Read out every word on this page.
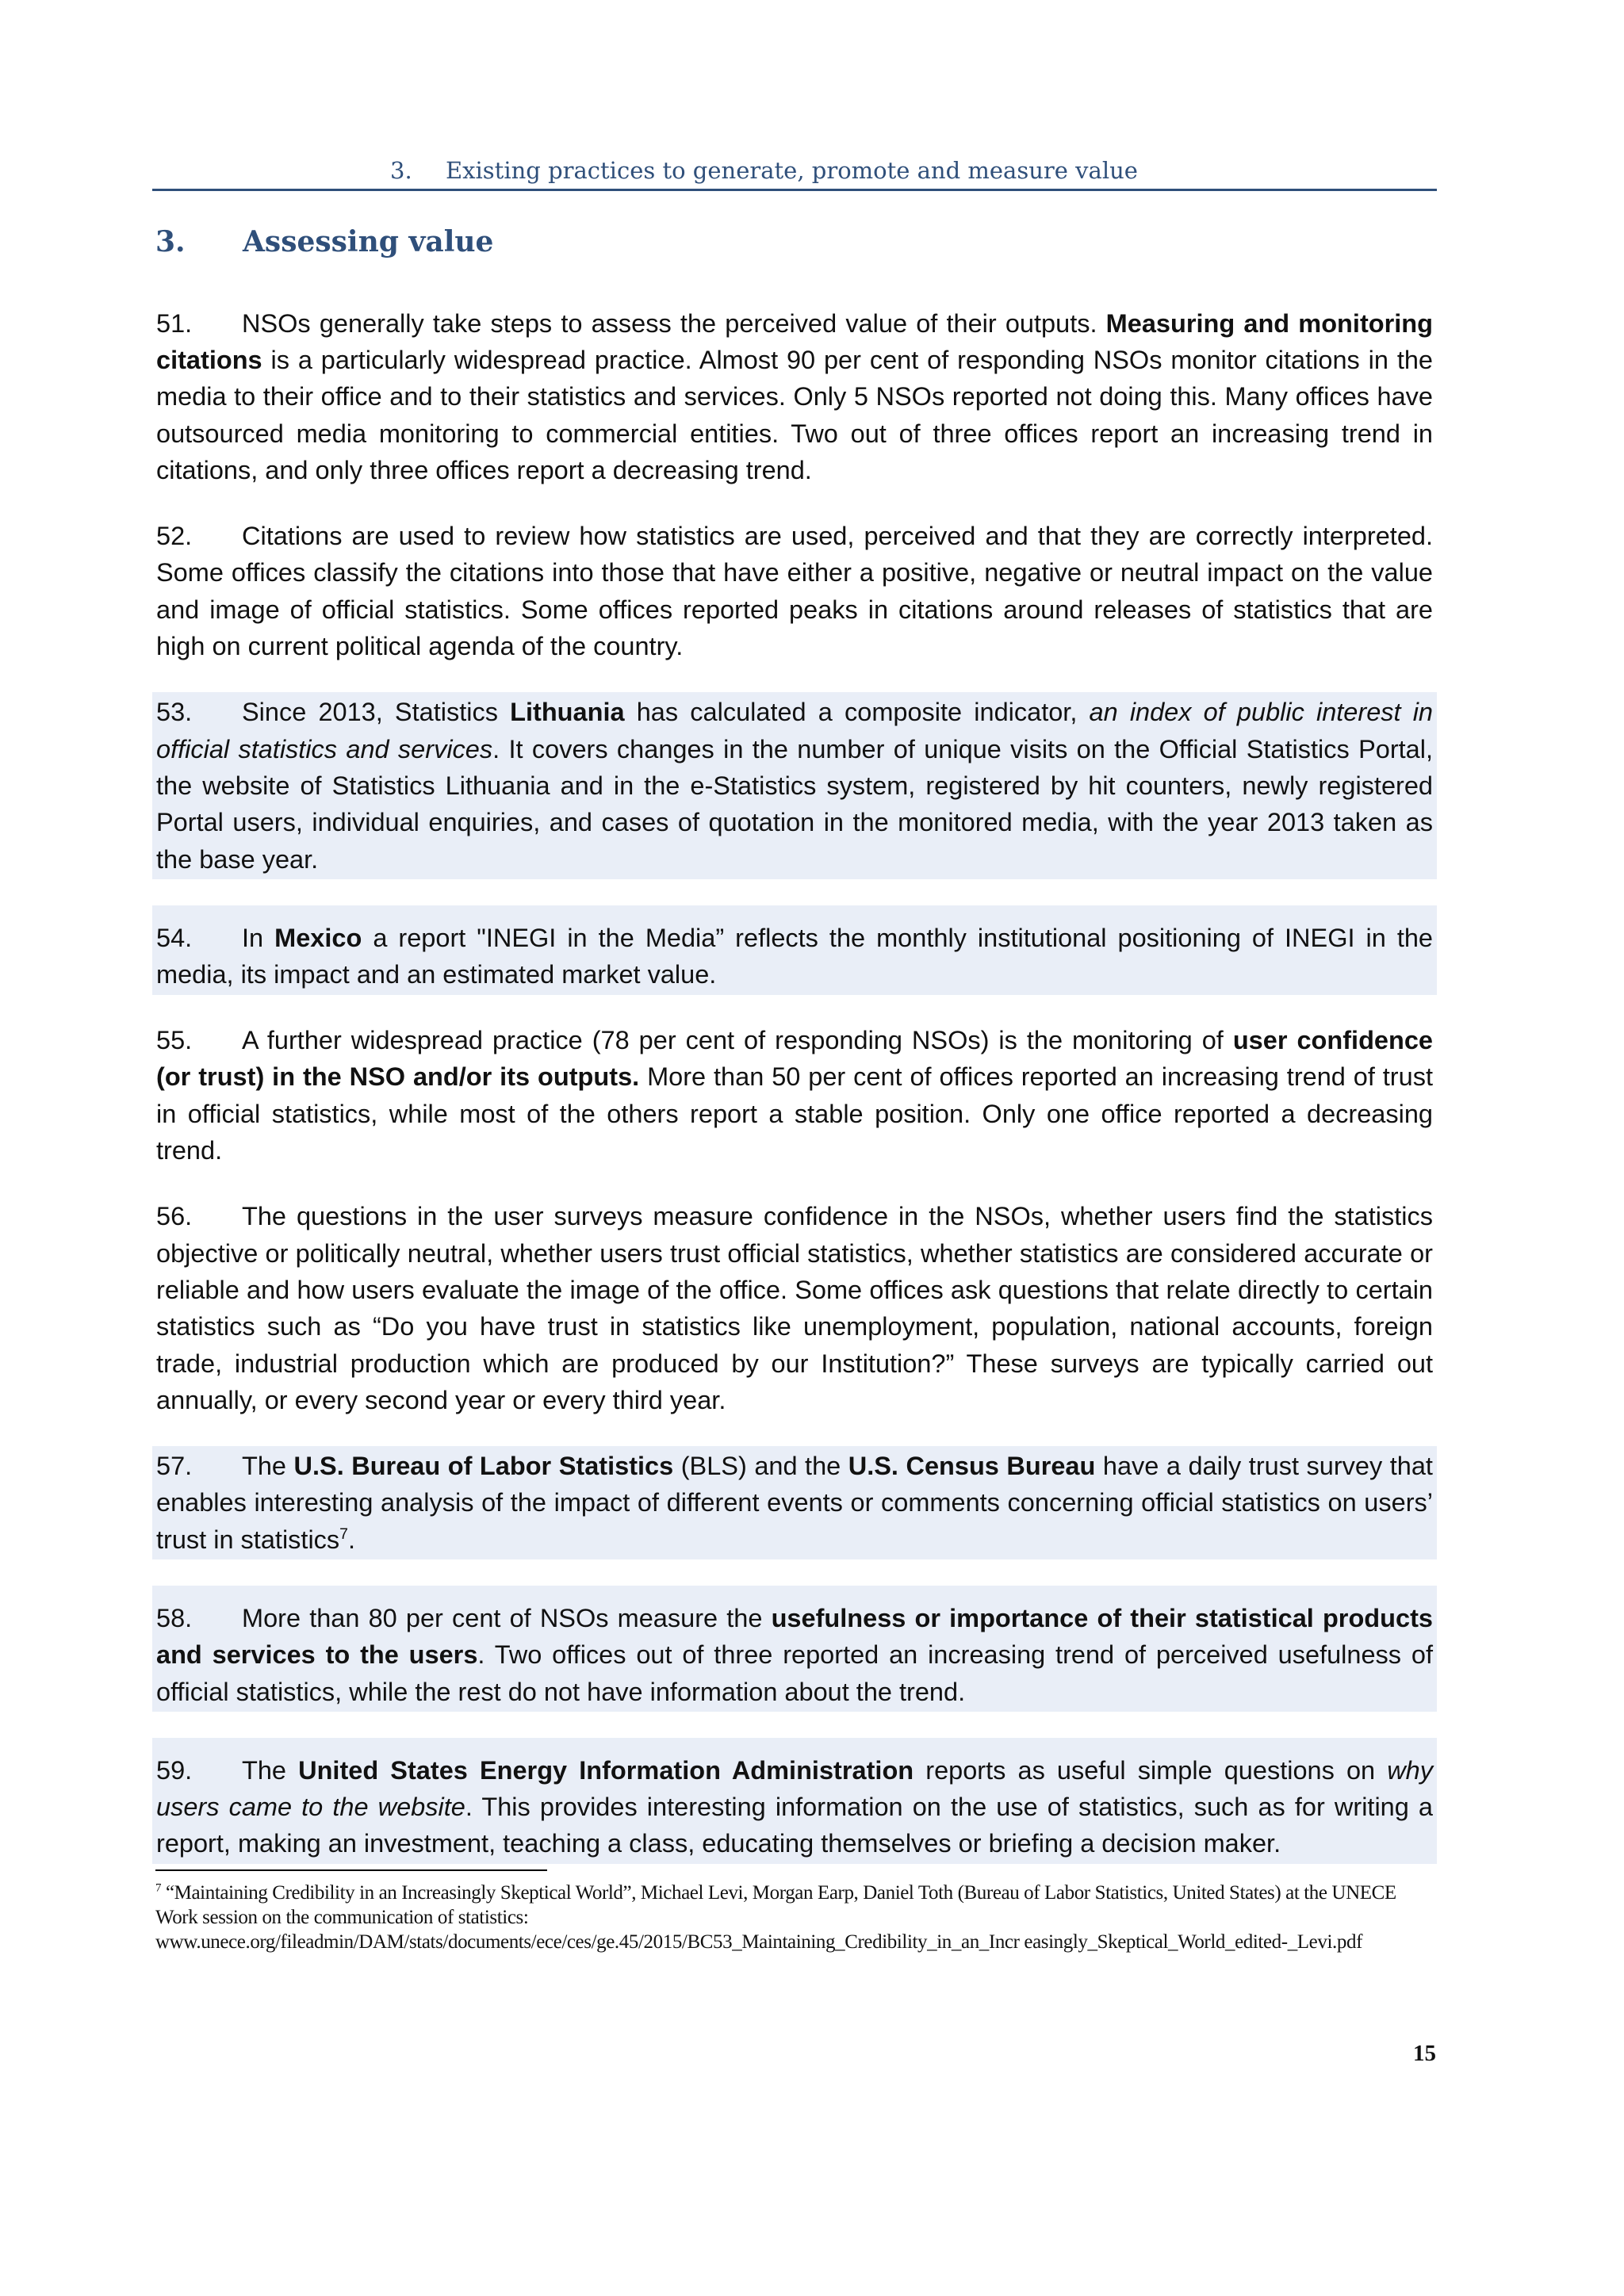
3. Existing practices to generate, promote and measure value
3. Assessing value

51. NSOs generally take steps to assess the perceived value of their outputs. Measuring and monitoring citations is a particularly widespread practice. Almost 90 per cent of responding NSOs monitor citations in the media to their office and to their statistics and services. Only 5 NSOs reported not doing this. Many offices have outsourced media monitoring to commercial entities. Two out of three offices report an increasing trend in citations, and only three offices report a decreasing trend.

52. Citations are used to review how statistics are used, perceived and that they are correctly interpreted. Some offices classify the citations into those that have either a positive, negative or neutral impact on the value and image of official statistics. Some offices reported peaks in citations around releases of statistics that are high on current political agenda of the country.

53. Since 2013, Statistics Lithuania has calculated a composite indicator, an index of public interest in official statistics and services. It covers changes in the number of unique visits on the Official Statistics Portal, the website of Statistics Lithuania and in the e-Statistics system, registered by hit counters, newly registered Portal users, individual enquiries, and cases of quotation in the monitored media, with the year 2013 taken as the base year.

54. In Mexico a report "INEGI in the Media” reflects the monthly institutional positioning of INEGI in the media, its impact and an estimated market value.

55. A further widespread practice (78 per cent of responding NSOs) is the monitoring of user confidence (or trust) in the NSO and/or its outputs. More than 50 per cent of offices reported an increasing trend of trust in official statistics, while most of the others report a stable position. Only one office reported a decreasing trend.

56. The questions in the user surveys measure confidence in the NSOs, whether users find the statistics objective or politically neutral, whether users trust official statistics, whether statistics are considered accurate or reliable and how users evaluate the image of the office. Some offices ask questions that relate directly to certain statistics such as “Do you have trust in statistics like unemployment, population, national accounts, foreign trade, industrial production which are produced by our Institution?” These surveys are typically carried out annually, or every second year or every third year.

57. The U.S. Bureau of Labor Statistics (BLS) and the U.S. Census Bureau have a daily trust survey that enables interesting analysis of the impact of different events or comments concerning official statistics on users’ trust in statistics$^7$.

58. More than 80 per cent of NSOs measure the usefulness or importance of their statistical products and services to the users. Two offices out of three reported an increasing trend of perceived usefulness of official statistics, while the rest do not have information about the trend.

59. The United States Energy Information Administration reports as useful simple questions on why users came to the website. This provides interesting information on the use of statistics, such as for writing a report, making an investment, teaching a class, educating themselves or briefing a decision maker.

$^7$ “Maintaining Credibility in an Increasingly Skeptical World”, Michael Levi, Morgan Earp, Daniel Toth (Bureau of Labor Statistics, United States) at the UNECE Work session on the communication of statistics:
www.unece.org/fileadmin/DAM/stats/documents/ece/ces/ge.45/2015/BC53_Maintaining_Credibility_in_an_Incr easingly_Skeptical_World_edited-_Levi.pdf
15
